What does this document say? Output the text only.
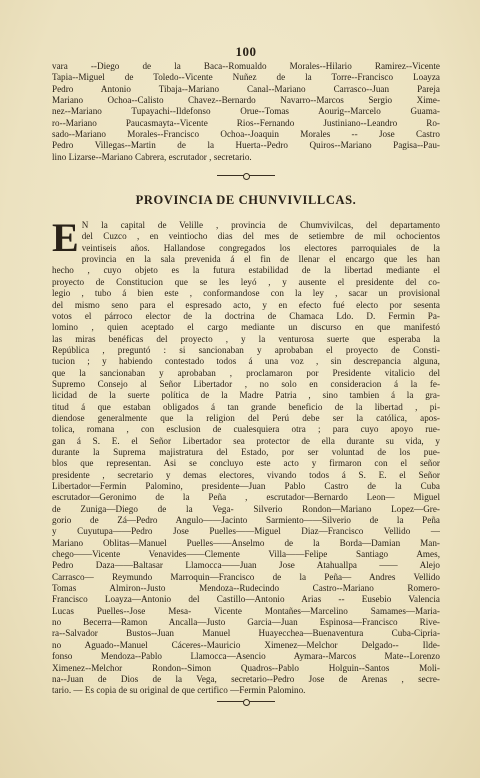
100
vara --Diego de la Baca--Romualdo Morales--Hilario Ramirez--Vicente
Tapia--Miguel de Toledo--Vicente Nuñez de la Torre--Francisco Loayza
Pedro Antonio Tibaja--Mariano Canal--Mariano Carrasco--Juan Pareja
Mariano Ochoa--Calisto Chavez--Bernardo Navarro--Marcos Sergio Xime-
nez--Mariano Tupayachi--Ildefonso Orue--Tomas Aourig--Marcelo Guama-
ro--Mariano Paucasmayta--Vicente Rios--Fernando Justiniano--Leandro Ro-
sado--Mariano Morales--Francisco Ochoa--Joaquin Morales -- Jose Castro
Pedro Villegas--Martin de la Huerta--Pedro Quiros--Mariano Pagisa--Pau-
lino Lizarse--Mariano Cabrera, escrutador , secretario.
PROVINCIA DE CHUNVIVILLCAS.
E N la capital de Velille , provincia de Chumvivilcas, del departamento
del Cuzco , en veintiocho dias del mes de setiembre de mil ochocientos
veintiseis años. Hallandose congregados los electores parroquiales de la
provincia en la sala prevenida á el fin de llenar el encargo que les han
hecho , cuyo objeto es la futura estabilidad de la libertad mediante el
proyecto de Constitucion que se les leyó , y ausente el presidente del co-
legio , tubo á bien este , conformandose con la ley , sacar un provisional
del mismo seno para el espresado acto, y en efecto fué electo por sesenta
votos el párroco elector de la doctrina de Chamaca Ldo. D. Fermin Pa-
lomino , quien aceptado el cargo mediante un discurso en que manifestó
las miras benéficas del proyecto , y la venturosa suerte que esperaba la
República , preguntó : si sancionaban y aprobaban el proyecto de Consti-
tucion ; y habiendo contestado todos á una voz , sin descrepancia alguna,
que la sancionaban y aprobaban , proclamaron por Presidente vitalicio del
Supremo Consejo al Señor Libertador , no solo en consideracion á la fe-
licidad de la suerte política de la Madre Patria , sino tambien á la gra-
titud á que estaban obligados á tan grande beneficio de la libertad , pi-
diendose generalmente que la religion del Perú debe ser la católica, apos-
tolica, romana , con esclusion de cualesquiera otra ; para cuyo apoyo rue-
gan á S. E. el Señor Libertador sea protector de ella durante su vida, y
durante la Suprema majistratura del Estado, por ser voluntad de los pue-
blos que representan. Asi se concluyo este acto y firmaron con el señor
presidente , secretario y demas electores, vivando todos á S. E. el Señor
Libertador—Fermin Palomino, presidente—Juan Pablo Castro de la Cuba
escrutador—Geronimo de la Peña , escrutador—Bernardo Leon— Miguel
de Zuniga—Diego de la Vega- Silverio Rondon—Mariano Lopez—Gre-
gorio de Zá—Pedro Angulo——Jacinto Sarmiento——Silverio de la Peña
y Cuyutupa——Pedro Jose Puelles——Miguel Diaz—Francisco Vellido —
Mariano Oblitas—Manuel Puelles——Anselmo de la Borda—Damian Man-
chego——Vicente Venavides——Clemente Villa——Felipe Santiago Ames,
Pedro Daza——Baltasar Llamocca——Juan Jose Atahuallpa —— Alejo
Carrasco— Reymundo Marroquin—Francisco de la Peña— Andres Vellido
Tomas Almiron--Justo Mendoza--Rudecindo Castro--Mariano Romero-
Francisco Loayza—Antonio del Castillo—Antonio Arias -- Eusebio Valencia
Lucas Puelles--Jose Mesa- Vicente Montañes—Marcelino Samames—Maria-
no Becerra—Ramon Ancalla—Justo Garcia—Juan Espinosa—Francisco Rive-
ra--Salvador Bustos--Juan Manuel Huayecchea—Buenaventura Cuba-Cipria-
no Aguado--Manuel Cáceres--Mauricio Ximenez—Melchor Delgado-- Ilde-
fonso Mendoza--Pablo Llamocca—Asencio Aymara--Marcos Mate--Lorenzo
Ximenez--Melchor Rondon--Simon Quadros--Pablo Holguin--Santos Moli-
na--Juan de Dios de la Vega, secretario--Pedro Jose de Arenas , secre-
tario. — Es copia de su original de que certifico —Fermin Palomino.
